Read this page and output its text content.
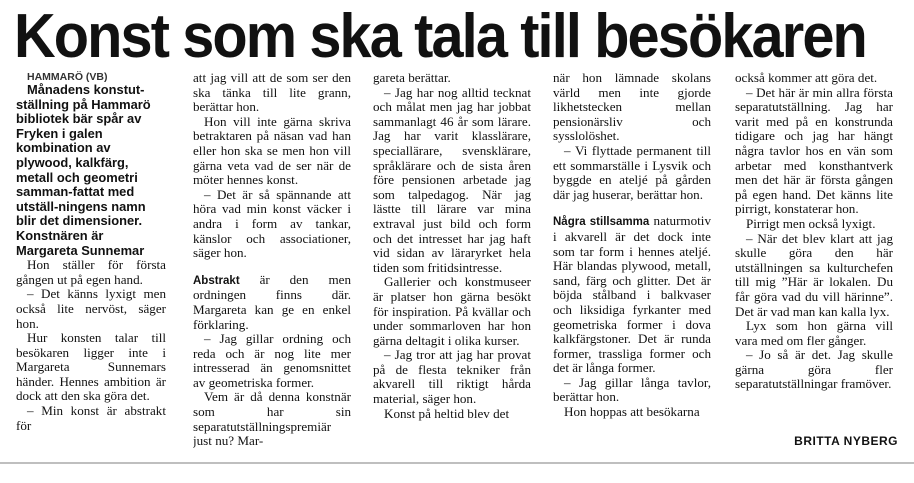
Konst som ska tala till besökaren

HAMMARÖ (VB)

Månadens konstut-ställning på Hammarö bibliotek bär spår av Fryken i galen kombination av plywood, kalkfärg, metall och geometri samman-fattat med utställ-ningens namn blir det dimensioner. Konstnären är Margareta Sunnemar

Hon ställer för första gången ut på egen hand.

– Det känns lyxigt men också lite nervöst, säger hon.

Hur konsten talar till besökaren ligger inte i Margareta Sunnemars händer. Hennes ambition är dock att den ska göra det.

– Min konst är abstrakt för

att jag vill att de som ser den ska tänka till lite grann, berättar hon.

Hon vill inte gärna skriva betraktaren på näsan vad han eller hon ska se men hon vill gärna veta vad de ser när de möter hennes konst.

– Det är så spännande att höra vad min konst väcker i andra i form av tankar, känslor och associationer, säger hon.

Abstrakt är den men ordningen finns där. Margareta kan ge en enkel förklaring.

– Jag gillar ordning och reda och är nog lite mer intresserad än genomsnittet av geometriska former.

Vem är då denna konstnär som har sin separatutställningspremiär just nu? Mar-

gareta berättar.

– Jag har nog alltid tecknat och målat men jag har jobbat sammanlagt 46 år som lärare. Jag har varit klasslärare, speciallärare, svensklärare, språklärare och de sista åren före pensionen arbetade jag som talpedagog. När jag lästte till lärare var mina extraval just bild och form och det intresset har jag haft vid sidan av läraryrket hela tiden som fritidsintresse.

Gallerier och konstmuseer är platser hon gärna besökt för inspiration. På kvällar och under sommarloven har hon gärna deltagit i olika kurser.

– Jag tror att jag har provat på de flesta tekniker från akvarell till riktigt hårda material, säger hon.

Konst på heltid blev det

när hon lämnade skolans värld men inte gjorde likhetstecken mellan pensionärsliv och sysslolöshet.

– Vi flyttade permanent till ett sommarställe i Lysvik och byggde en ateljé på gården där jag huserar, berättar hon.

Några stillsamma naturmotiv i akvarell är det dock inte som tar form i hennes ateljé. Här blandas plywood, metall, sand, färg och glitter. Det är böjda stålband i balkvaser och liksidiga fyrkanter med geometriska former i dova kalkfärgstoner. Det är runda former, trassliga former och det är långa former.

– Jag gillar långa tavlor, berättar hon.

Hon hoppas att besökarna

också kommer att göra det.

– Det här är min allra första separatutställning. Jag har varit med på en konstrunda tidigare och jag har hängt några tavlor hos en vän som arbetar med konsthantverk men det här är första gången på egen hand. Det känns lite pirrigt, konstaterar hon.

Pirrigt men också lyxigt.

– När det blev klart att jag skulle göra den här utställningen sa kulturchefen till mig ”Här är lokalen. Du får göra vad du vill härinne”. Det är vad man kan kalla lyx.

Lyx som hon gärna vill vara med om fler gånger.

– Jo så är det. Jag skulle gärna göra fler separatutställningar framöver.

BRITTA NYBERG
